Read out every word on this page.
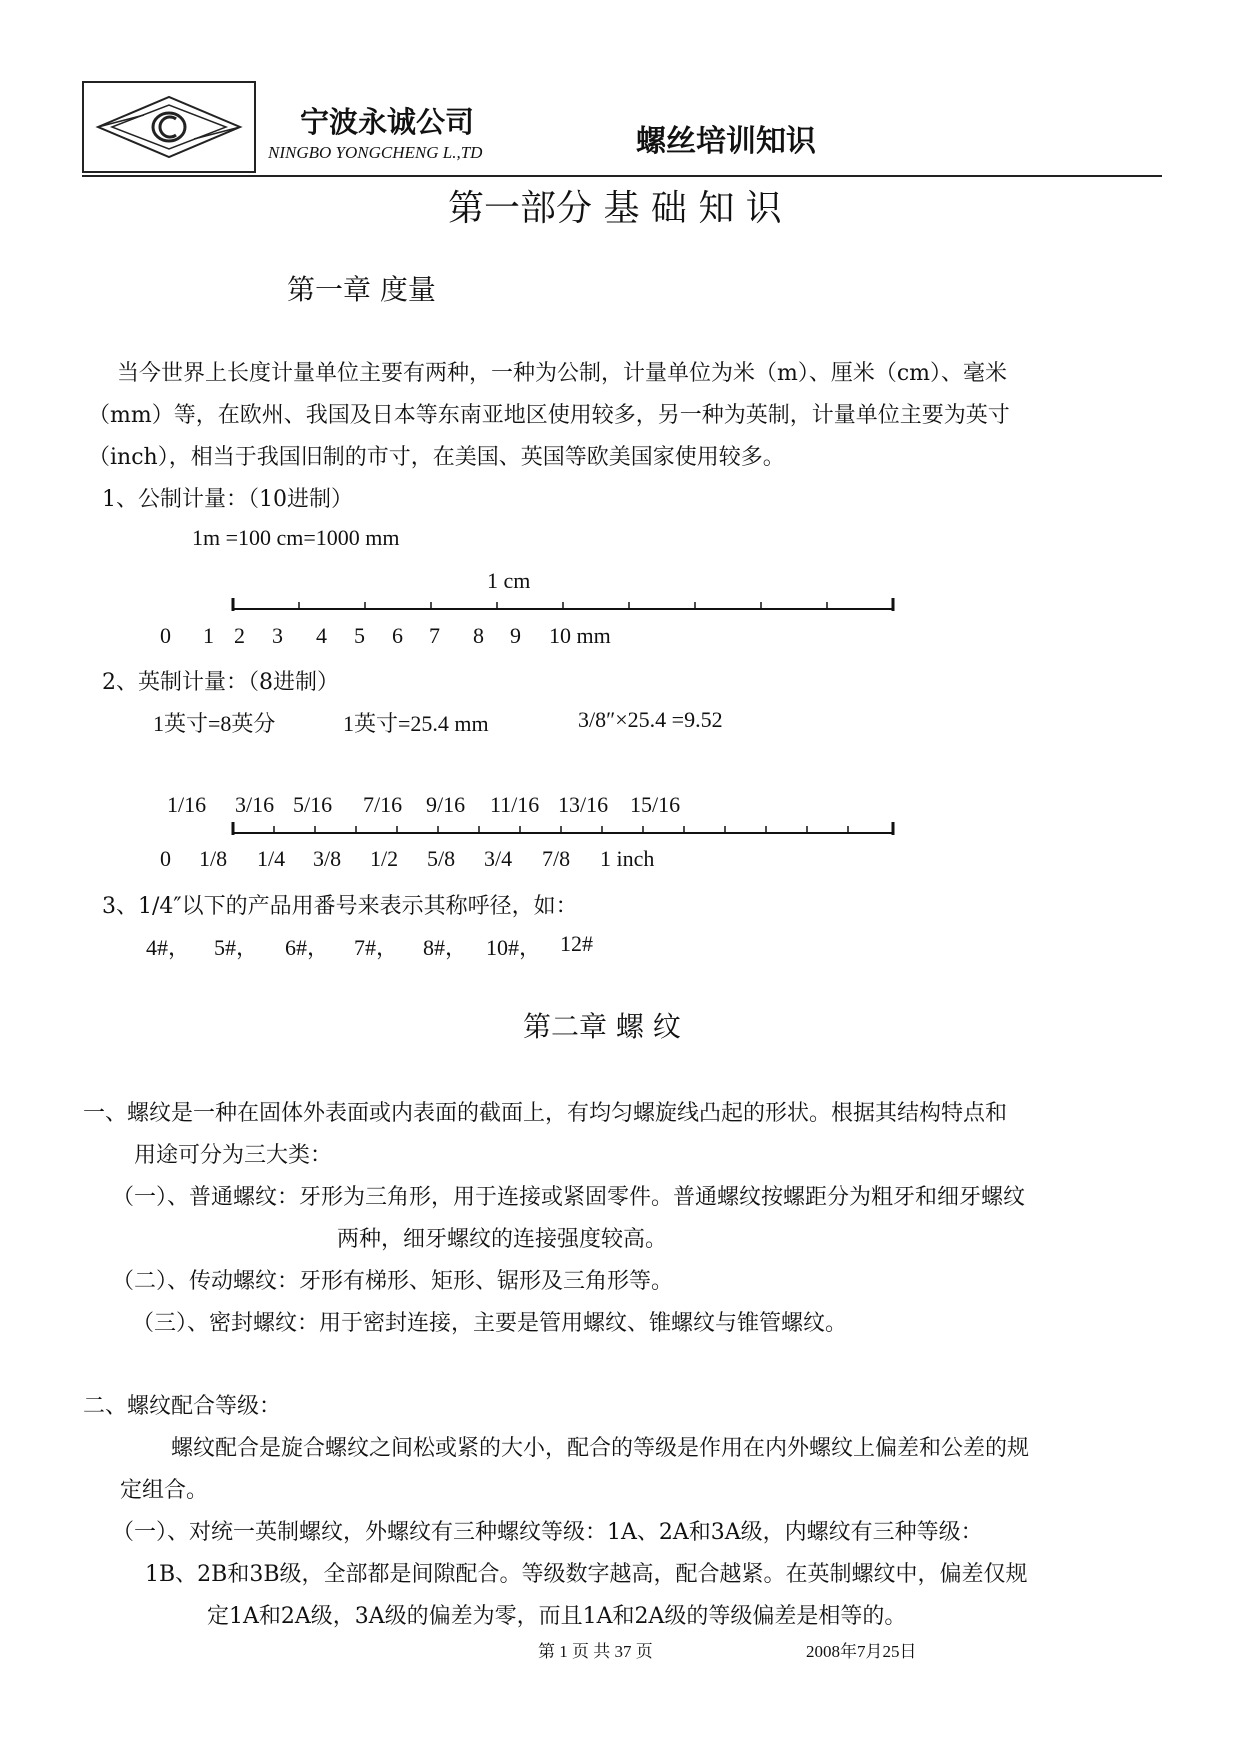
宁波永诚公司
NINGBO YONGCHENG L.,TD	螺丝培训知识
第一部分 基 础 知 识
第一章 度量
当今世界上长度计量单位主要有两种，一种为公制，计量单位为米（m）、厘米（cm）、毫米
（mm）等，在欧州、我国及日本等东南亚地区使用较多，另一种为英制，计量单位主要为英寸
（inch），相当于我国旧制的市寸，在美国、英国等欧美国家使用较多。
1、公制计量：（10进制）
1m =100 cm=1000 mm
1 cm
0 1 2 3 4 5 6 7 8 9 10 mm
2、英制计量：（8进制）
1英寸=8英分	1英寸=25.4 mm	3/8″×25.4 =9.52
1/16 3/16 5/16 7/16 9/16 11/16 13/16 15/16
0 1/8 1/4 3/8 1/2 5/8 3/4 7/8 1 inch
3、1/4″以下的产品用番号来表示其称呼径，如：
4#， 5#， 6#， 7#， 8#， 10#， 12#
第二章 螺 纹
一、螺纹是一种在固体外表面或内表面的截面上，有均匀螺旋线凸起的形状。根据其结构特点和
用途可分为三大类：
（一）、普通螺纹：牙形为三角形，用于连接或紧固零件。普通螺纹按螺距分为粗牙和细牙螺纹
两种，细牙螺纹的连接强度较高。
（二）、传动螺纹：牙形有梯形、矩形、锯形及三角形等。
（三）、密封螺纹：用于密封连接，主要是管用螺纹、锥螺纹与锥管螺纹。
二、螺纹配合等级：
螺纹配合是旋合螺纹之间松或紧的大小，配合的等级是作用在内外螺纹上偏差和公差的规
定组合。
（一）、对统一英制螺纹，外螺纹有三种螺纹等级：1A、2A和3A级，内螺纹有三种等级：
1B、2B和3B级，全部都是间隙配合。等级数字越高，配合越紧。在英制螺纹中，偏差仅规
定1A和2A级，3A级的偏差为零，而且1A和2A级的等级偏差是相等的。
第 1 页 共 37 页	2008年7月25日
